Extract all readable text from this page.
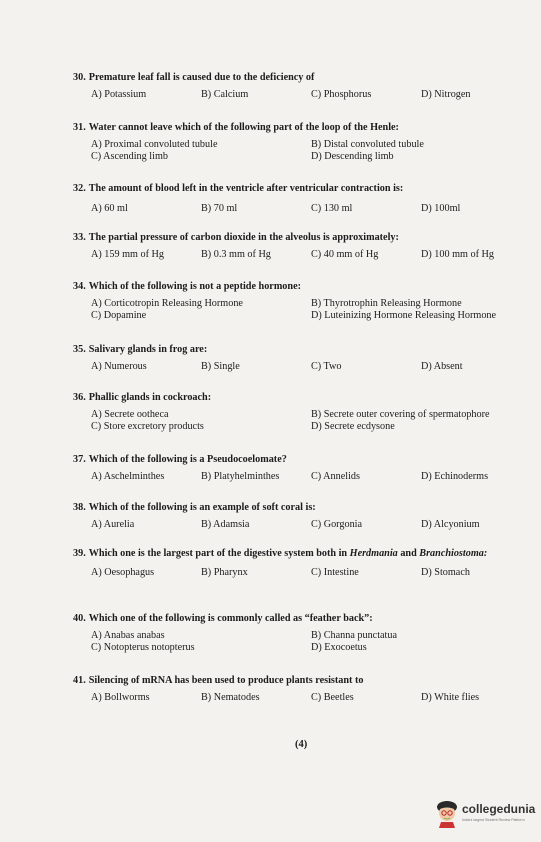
30. Premature leaf fall is caused due to the deficiency of
A) Potassium	B) Calcium	C) Phosphorus	D) Nitrogen
31. Water cannot leave which of the following part of the loop of the Henle:
A) Proximal convoluted tubule
C) Ascending limb
B) Distal convoluted tubule
D) Descending limb
32. The amount of blood left in the ventricle after ventricular contraction is:
A) 60 ml	B) 70 ml	C) 130 ml	D) 100ml
33. The partial pressure of carbon dioxide in the alveolus is approximately:
A) 159 mm of Hg	B) 0.3 mm of Hg	C) 40 mm of Hg	D) 100 mm of Hg
34. Which of the following is not a peptide hormone:
A) Corticotropin Releasing Hormone
C) Dopamine
B) Thyrotrophin Releasing Hormone
D) Luteinizing Hormone Releasing Hormone
35. Salivary glands in frog are:
A) Numerous	B) Single	C) Two	D) Absent
36. Phallic glands in cockroach:
A) Secrete ootheca
C) Store excretory products
B) Secrete outer covering of spermatophore
D) Secrete ecdysone
37. Which of the following is a Pseudocoelomate?
A) Aschelminthes	B) Platyhelminthes	C) Annelids	D) Echinoderms
38. Which of the following is an example of soft coral is:
A) Aurelia	B) Adamsia	C) Gorgonia	D) Alcyonium
39. Which one is the largest part of the digestive system both in Herdmania and Branchiostoma:
A) Oesophagus	B) Pharynx	C) Intestine	D) Stomach
40. Which one of the following is commonly called as “feather back”:
A) Anabas anabas
C) Notopterus notopterus
B) Channa punctatua
D) Exocoetus
41. Silencing of mRNA has been used to produce plants resistant to
A) Bollworms	B) Nematodes	C) Beetles	D) White flies
(4)
collegedunia
India's largest Student Review Platform
